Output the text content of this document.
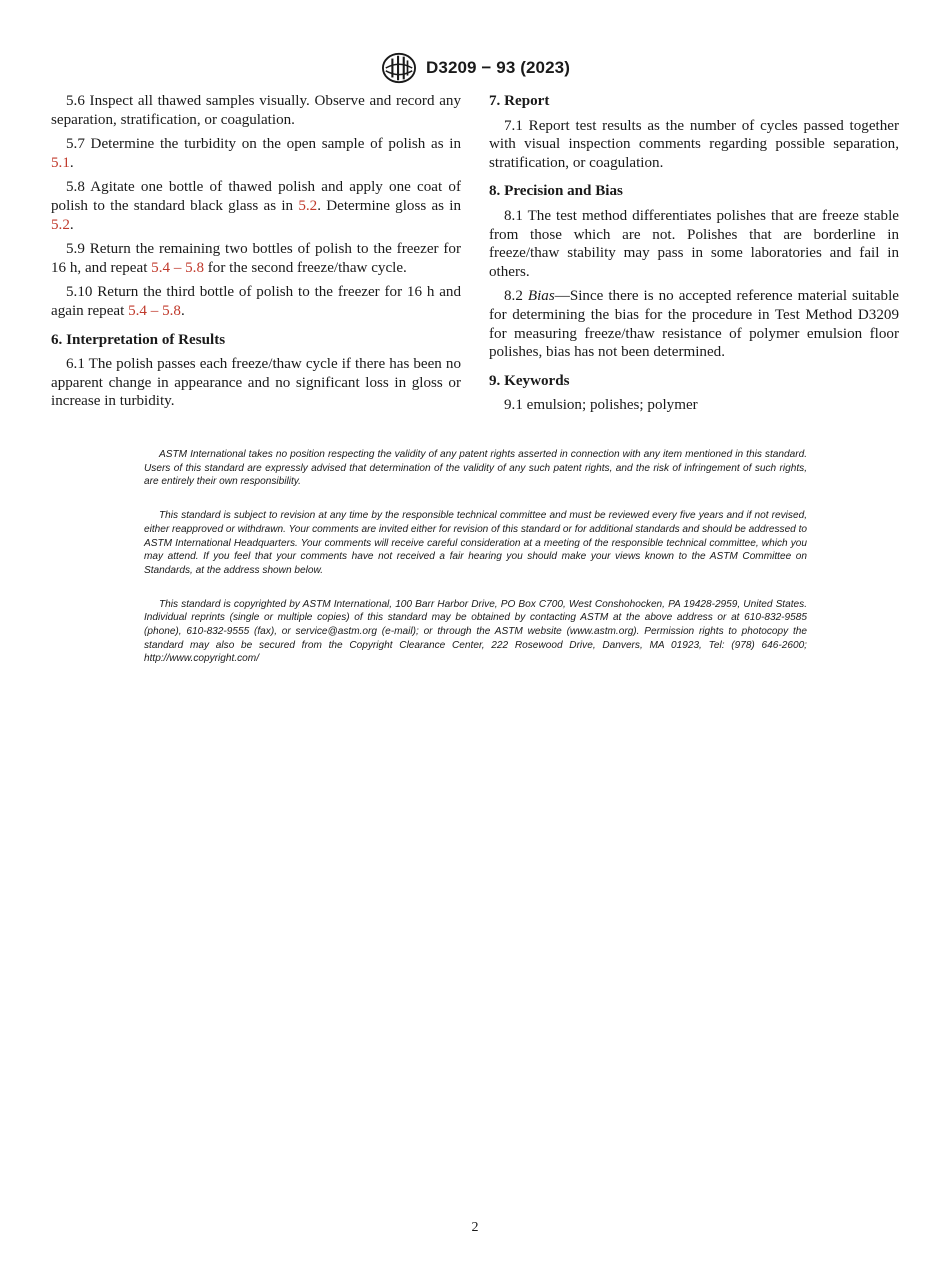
D3209 − 93 (2023)

5.6 Inspect all thawed samples visually. Observe and record any separation, stratification, or coagulation.

5.7 Determine the turbidity on the open sample of polish as in 5.1.

5.8 Agitate one bottle of thawed polish and apply one coat of polish to the standard black glass as in 5.2. Determine gloss as in 5.2.

5.9 Return the remaining two bottles of polish to the freezer for 16 h, and repeat 5.4 – 5.8 for the second freeze/thaw cycle.

5.10 Return the third bottle of polish to the freezer for 16 h and again repeat 5.4 – 5.8.

6. Interpretation of Results

6.1 The polish passes each freeze/thaw cycle if there has been no apparent change in appearance and no significant loss in gloss or increase in turbidity.

7. Report

7.1 Report test results as the number of cycles passed together with visual inspection comments regarding possible separation, stratification, or coagulation.

8. Precision and Bias

8.1 The test method differentiates polishes that are freeze stable from those which are not. Polishes that are borderline in freeze/thaw stability may pass in some laboratories and fail in others.

8.2 Bias—Since there is no accepted reference material suitable for determining the bias for the procedure in Test Method D3209 for measuring freeze/thaw resistance of polymer emulsion floor polishes, bias has not been determined.

9. Keywords

9.1 emulsion; polishes; polymer

ASTM International takes no position respecting the validity of any patent rights asserted in connection with any item mentioned in this standard. Users of this standard are expressly advised that determination of the validity of any such patent rights, and the risk of infringement of such rights, are entirely their own responsibility.

This standard is subject to revision at any time by the responsible technical committee and must be reviewed every five years and if not revised, either reapproved or withdrawn. Your comments are invited either for revision of this standard or for additional standards and should be addressed to ASTM International Headquarters. Your comments will receive careful consideration at a meeting of the responsible technical committee, which you may attend. If you feel that your comments have not received a fair hearing you should make your views known to the ASTM Committee on Standards, at the address shown below.

This standard is copyrighted by ASTM International, 100 Barr Harbor Drive, PO Box C700, West Conshohocken, PA 19428-2959, United States. Individual reprints (single or multiple copies) of this standard may be obtained by contacting ASTM at the above address or at 610-832-9585 (phone), 610-832-9555 (fax), or service@astm.org (e-mail); or through the ASTM website (www.astm.org). Permission rights to photocopy the standard may also be secured from the Copyright Clearance Center, 222 Rosewood Drive, Danvers, MA 01923, Tel: (978) 646-2600; http://www.copyright.com/

2
